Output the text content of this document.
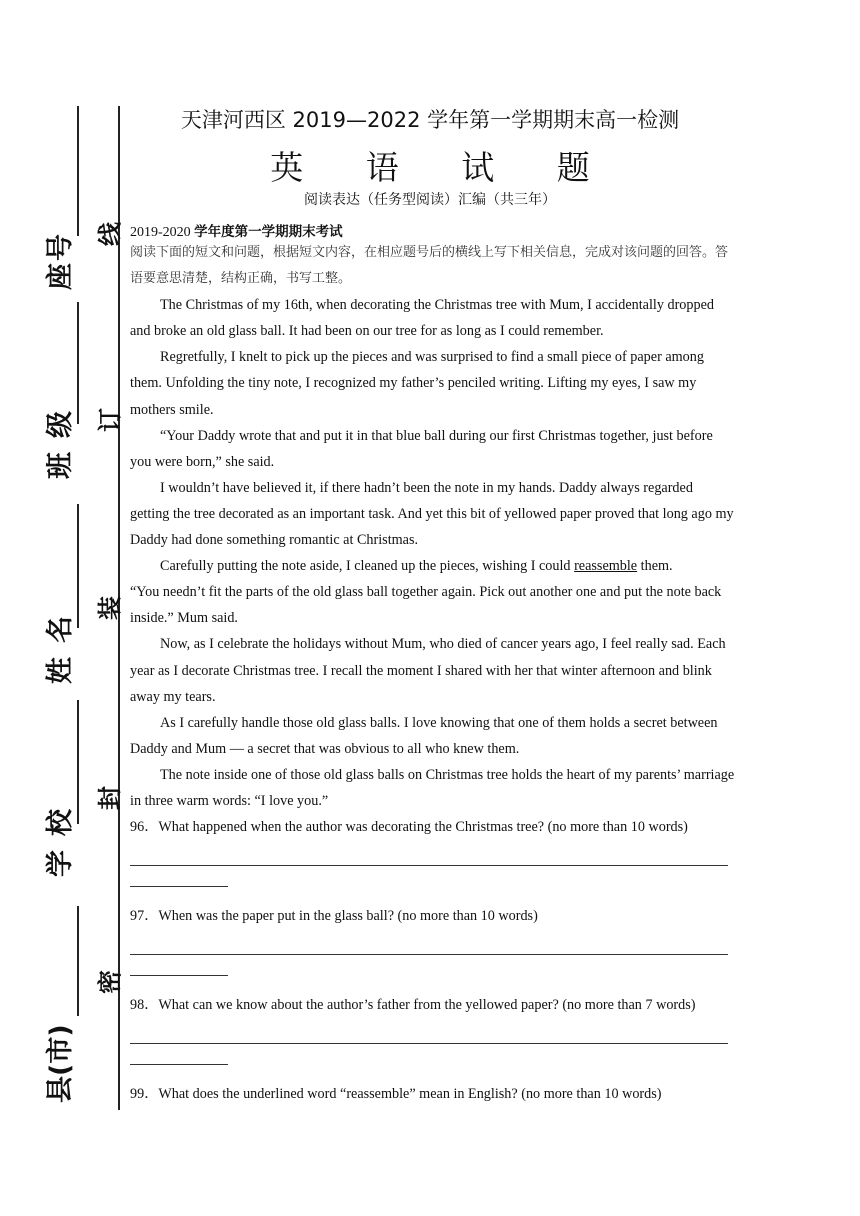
座号
班级
姓名
学校
县(市)
线
订
装
封
密
天津河西区 2019—2022 学年第一学期期末高一检测
英 语 试 题
阅读表达（任务型阅读）汇编（共三年）
2019-2020 学年度第一学期期末考试

阅读下面的短文和问题，根据短文内容，在相应题号后的横线上写下相关信息，完成对该问题的回答。答语要意思清楚，结构正确，书写工整。

The Christmas of my 16th, when decorating the Christmas tree with Mum, I accidentally dropped and broke an old glass ball. It had been on our tree for as long as I could remember.

Regretfully, I knelt to pick up the pieces and was surprised to find a small piece of paper among them. Unfolding the tiny note, I recognized my father’s penciled writing. Lifting my eyes, I saw my mothers smile.

“Your Daddy wrote that and put it in that blue ball during our first Christmas together, just before you were born,” she said.

I wouldn’t have believed it, if there hadn’t been the note in my hands. Daddy always regarded getting the tree decorated as an important task. And yet this bit of yellowed paper proved that long ago my Daddy had done something romantic at Christmas.

Carefully putting the note aside, I cleaned up the pieces, wishing I could reassemble them.

“You needn’t fit the parts of the old glass ball together again. Pick out another one and put the note back inside.” Mum said.

Now, as I celebrate the holidays without Mum, who died of cancer years ago, I feel really sad. Each year as I decorate Christmas tree. I recall the moment I shared with her that winter afternoon and blink away my tears.

As I carefully handle those old glass balls. I love knowing that one of them holds a secret between Daddy and Mum — a secret that was obvious to all who knew them.

The note inside one of those old glass balls on Christmas tree holds the heart of my parents’ marriage in three warm words: “I love you.”

96．What happened when the author was decorating the Christmas tree? (no more than 10 words)

97．When was the paper put in the glass ball? (no more than 10 words)

98．What can we know about the author’s father from the yellowed paper? (no more than 7 words)

99．What does the underlined word “reassemble” mean in English? (no more than 10 words)
